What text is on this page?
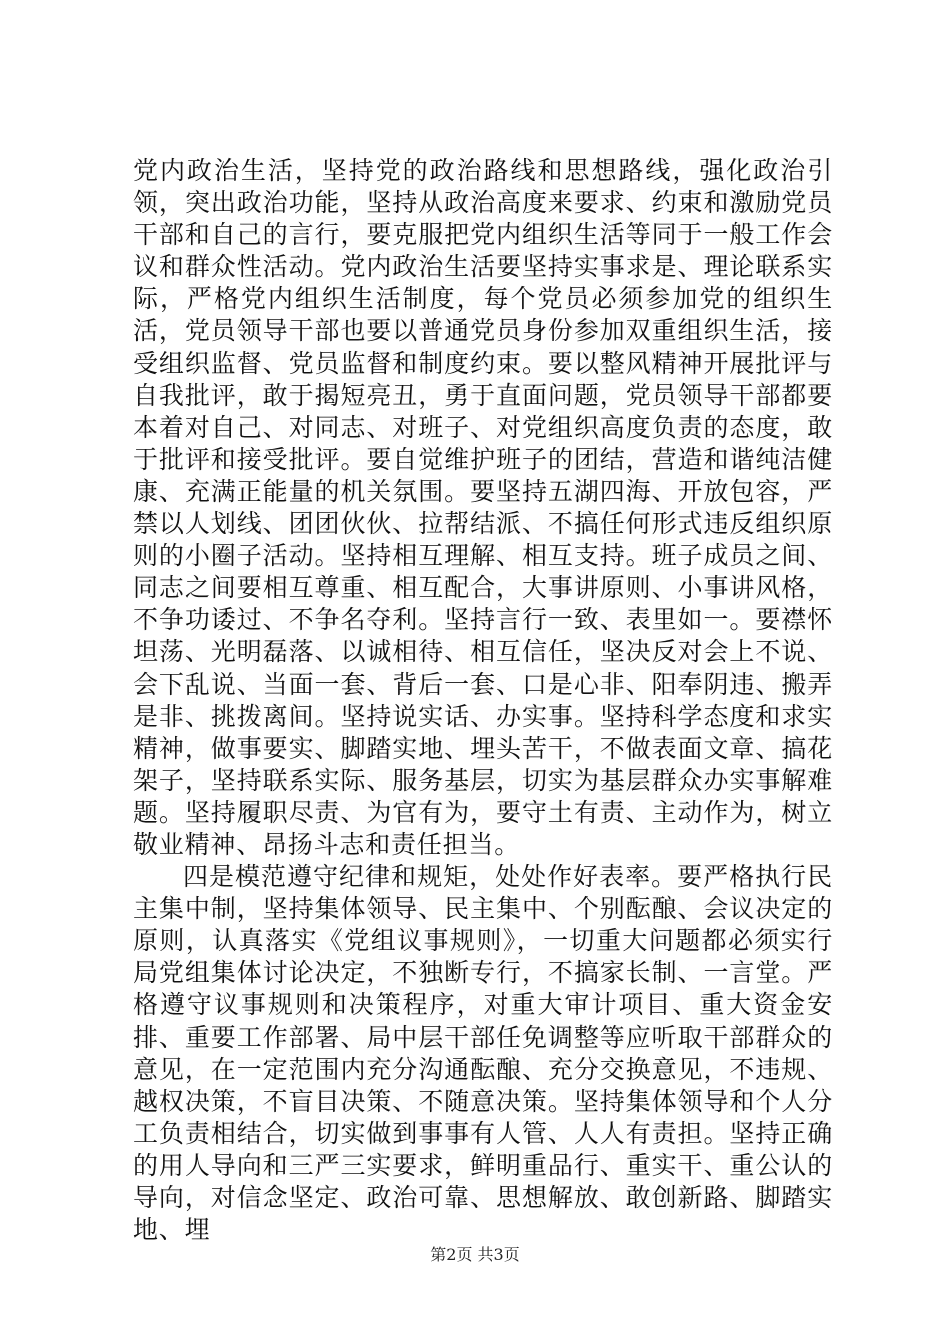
党内政治生活，坚持党的政治路线和思想路线，强化政治引领，突出政治功能，坚持从政治高度来要求、约束和激励党员干部和自己的言行，要克服把党内组织生活等同于一般工作会议和群众性活动。党内政治生活要坚持实事求是、理论联系实际，严格党内组织生活制度，每个党员必须参加党的组织生活，党员领导干部也要以普通党员身份参加双重组织生活，接受组织监督、党员监督和制度约束。要以整风精神开展批评与自我批评，敢于揭短亮丑，勇于直面问题，党员领导干部都要本着对自己、对同志、对班子、对党组织高度负责的态度，敢于批评和接受批评。要自觉维护班子的团结，营造和谐纯洁健康、充满正能量的机关氛围。要坚持五湖四海、开放包容，严禁以人划线、团团伙伙、拉帮结派、不搞任何形式违反组织原则的小圈子活动。坚持相互理解、相互支持。班子成员之间、同志之间要相互尊重、相互配合，大事讲原则、小事讲风格，不争功诿过、不争名夺利。坚持言行一致、表里如一。要襟怀坦荡、光明磊落、以诚相待、相互信任，坚决反对会上不说、会下乱说、当面一套、背后一套、口是心非、阳奉阴违、搬弄是非、挑拨离间。坚持说实话、办实事。坚持科学态度和求实精神，做事要实、脚踏实地、埋头苦干，不做表面文章、搞花架子，坚持联系实际、服务基层，切实为基层群众办实事解难题。坚持履职尽责、为官有为，要守土有责、主动作为，树立敬业精神、昂扬斗志和责任担当。

四是模范遵守纪律和规矩，处处作好表率。要严格执行民主集中制，坚持集体领导、民主集中、个别酝酿、会议决定的原则，认真落实《党组议事规则》，一切重大问题都必须实行局党组集体讨论决定，不独断专行，不搞家长制、一言堂。严格遵守议事规则和决策程序，对重大审计项目、重大资金安排、重要工作部署、局中层干部任免调整等应听取干部群众的意见，在一定范围内充分沟通酝酿、充分交换意见，不违规、越权决策，不盲目决策、不随意决策。坚持集体领导和个人分工负责相结合，切实做到事事有人管、人人有责担。坚持正确的用人导向和三严三实要求，鲜明重品行、重实干、重公认的导向，对信念坚定、政治可靠、思想解放、敢创新路、脚踏实地、埋

第2页 共3页
